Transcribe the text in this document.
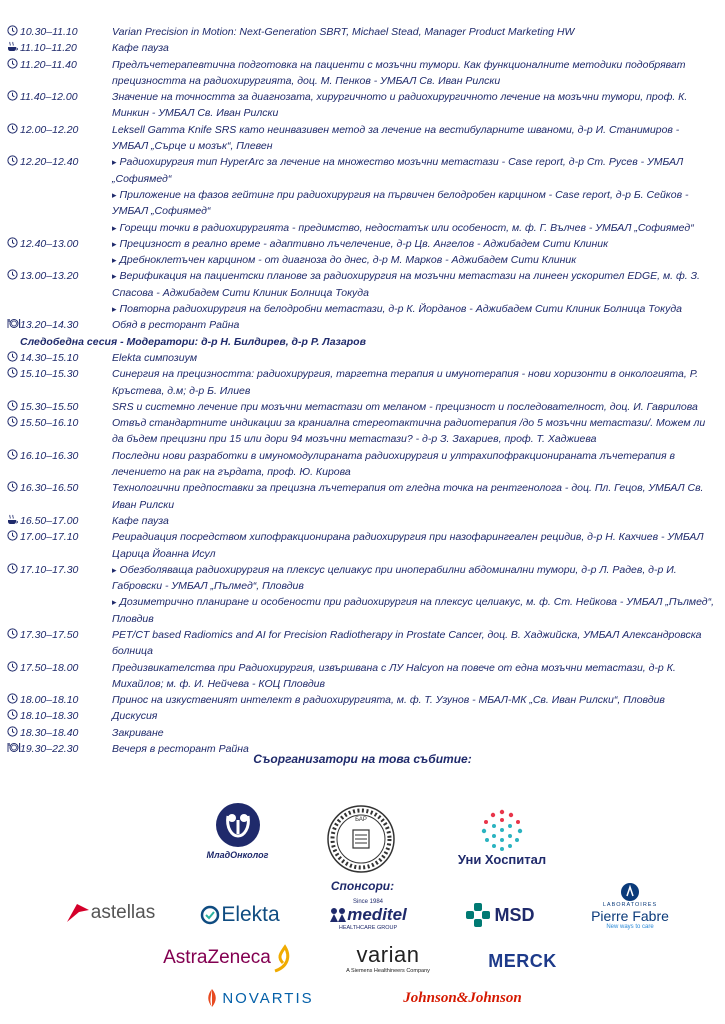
10.30–11.10	Varian Precision in Motion: Next-Generation SBRT, Michael Stead, Manager Product Marketing HW
11.10–11.20	Кафе пауза
11.20–11.40	Предлъчетерапевтична подготовка на пациенти с мозъчни тумори. Как функционалните методики подобряват прецизността на радиохирургията, доц. М. Пенков - УМБАЛ Св. Иван Рилски
11.40–12.00	Значение на точността за диагнозата, хирургичното и радиохирургичното лечение на мозъчни тумори, проф. К. Минкин - УМБАЛ Св. Иван Рилски
12.00–12.20	Leksell Gamma Knife SRS като неинвазивен метод за лечение на вестибуларните шваноми, д-р И. Станимиров - УМБАЛ „Сърце и мозък“, Плевен
12.20–12.40	▸ Радиохирургия тип HyperArc за лечение на множество мозъчни метастази - Case report, д-р Ст. Русев - УМБАЛ „Софиямед“
▸ Приложение на фазов гейтинг при радиохирургия на първичен белодробен карцином - Case report, д-р Б. Сейков - УМБАЛ „Софиямед“
▸ Горещи точки в радиохирургията - предимство, недостатък или особеност, м. ф. Г. Вълчев - УМБАЛ „Софиямед“
12.40–13.00	▸ Прецизност в реално време - адаптивно лъчелечение, д-р Цв. Ангелов - Аджибадем Сити Клиник
▸ Дребноклетъчен карцином - от диагноза до днес, д-р М. Марков - Аджибадем Сити Клиник
13.00–13.20	▸ Верификация на пациентски планове за радиохирургия на мозъчни метастази на линеен ускорител EDGE, м. ф. З. Спасова - Аджибадем Сити Клиник Болница Токуда
▸ Повторна радиохирургия на белодробни метастази, д-р К. Йорданов - Аджибадем Сити Клиник Болница Токуда
13.20–14.30	Обяд в ресторант Райна
Следобедна сесия - Модератори: д-р Н. Билдирев, д-р Р. Лазаров
14.30–15.10	Elekta симпозиум
15.10–15.30	Синергия на прецизността: радиохирургия, таргетна терапия и имунотерапия - нови хоризонти в онкологията, Р. Кръстева, д.м; д-р Б. Илиев
15.30–15.50	SRS и системно лечение при мозъчни метастази от меланом - прецизност и последователност, доц. И. Гаврилова
15.50–16.10	Отвъд стандартните индикации за краниална стереотактична радиотерапия /до 5 мозъчни метастази/. Можем ли да бъдем прецизни при 15 или дори 94 мозъчни метастази? - д-р З. Захариев, проф. Т. Хаджиева
16.10–16.30	Последни нови разработки в имуномодулираната радиохирургия и ултрахипофракционираната лъчетерапия в лечението на рак на гърдата, проф. Ю. Кирова
16.30–16.50	Технологични предпоставки за прецизна лъчетерапия от гледна точка на рентгенолога - доц. Пл. Гецов, УМБАЛ Св. Иван Рилски
16.50–17.00	Кафе пауза
17.00–17.10	Реирадиация посредством хипофракционирана радиохирургия при назофарингеален рецидив, д-р Н. Кахчиев - УМБАЛ Царица Йоанна Исул
17.10–17.30	▸ Обезболяваща радиохирургия на плексус целиакус при инoперабилни абдоминални тумори, д-р Л. Радев, д-р И. Габровски - УМБАЛ „Пълмед“, Пловдив
▸ Дозиметрично планиране и особености при радиохирургия на плексус целиакус, м. ф. Ст. Нейкова - УМБАЛ „Пълмед“, Пловдив
17.30–17.50	PET/CT based Radiomics and AI for Precision Radiotherapy in Prostate Cancer, доц. В. Хаджийска, УМБАЛ Александровска болница
17.50–18.00	Предизвикателства при Радиохирургия, извършвана с ЛУ Halcyon на повече от една мозъчни метастази, д-р К. Михайлов; м. ф. И. Нейчева - КОЦ Пловдив
18.00–18.10	Принос на изкуственият интелект в радиохирургията, м. ф. Т. Узунов - МБАЛ-МК „Св. Иван Рилски“, Пловдив
18.10–18.30	Дискусия
18.30–18.40	Закриване
19.30–22.30	Вечеря в ресторант Райна
Съорганизатори на това събитие:
МладОнколог
БАР
Уни Хоспитал
Спонсори:
astellas	Elekta
Since 1984
meditel
HEALTHCARE GROUP
MSD	LABORATOIRES
Pierre Fabre
New ways to care
AstraZeneca	varian
A Siemens Healthineers Company
MERCK
NOVARTIS	Johnson&Johnson
